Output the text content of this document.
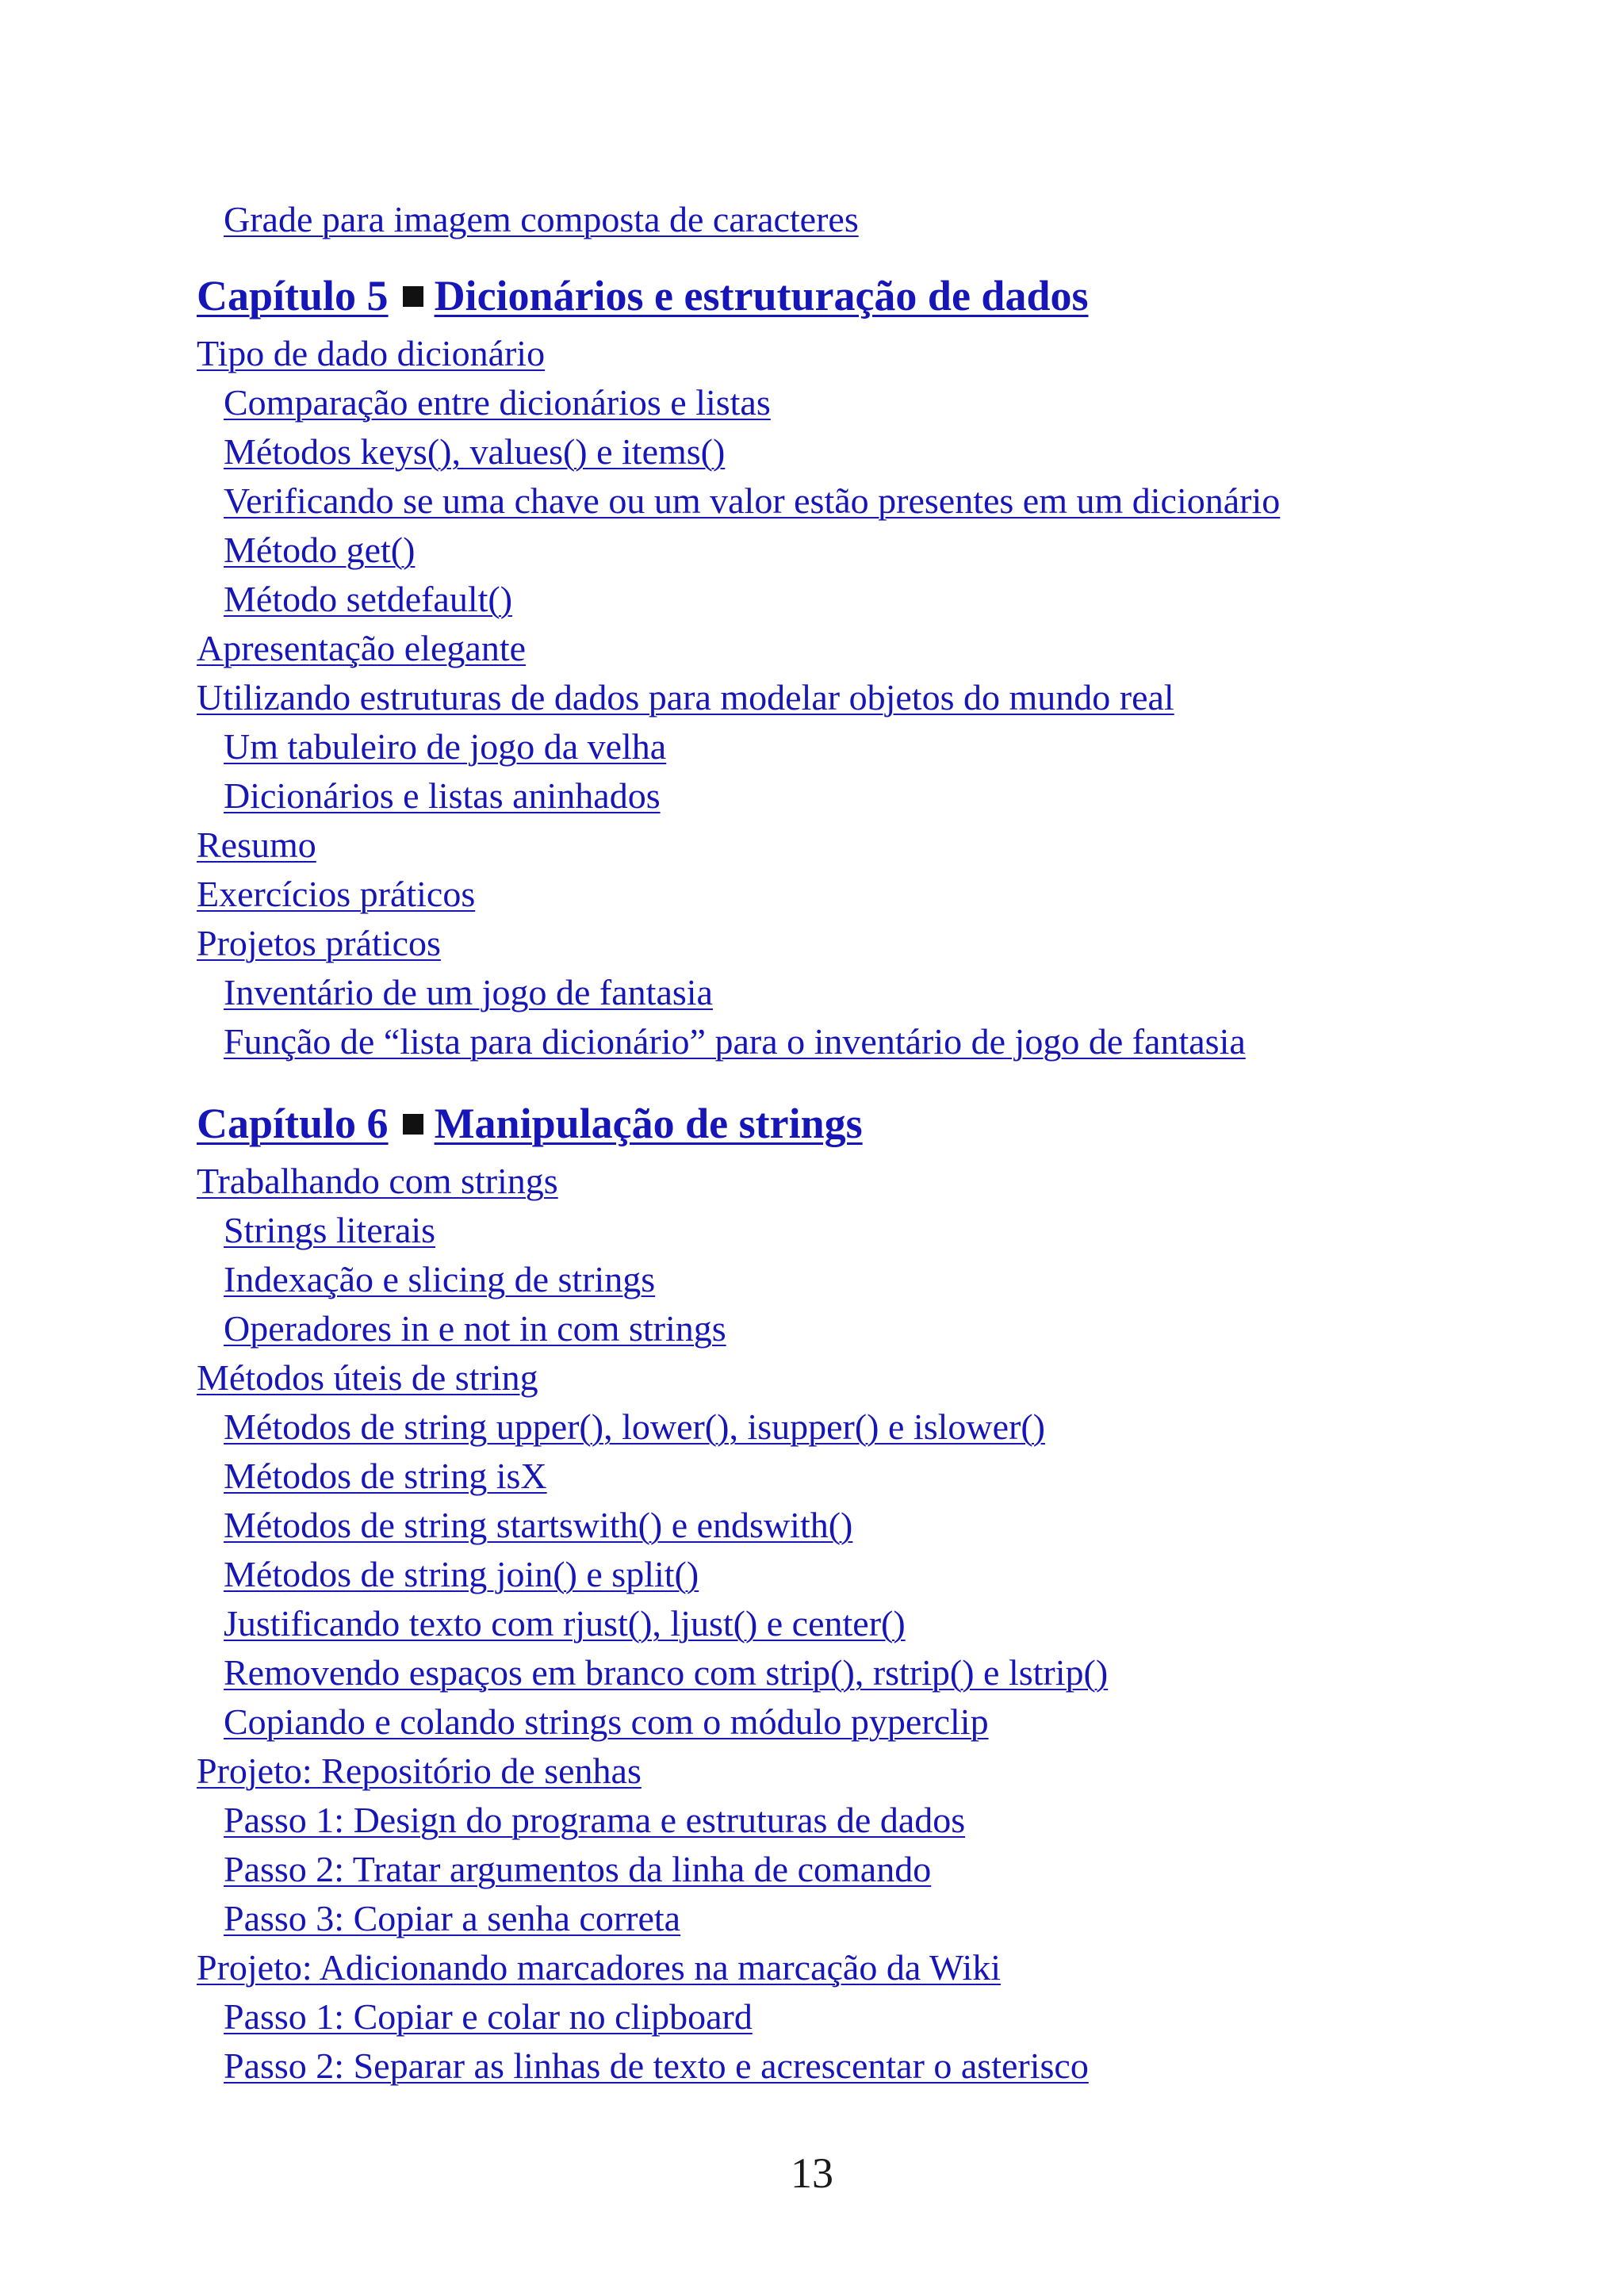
Grade para imagem composta de caracteres
Capítulo 5 Dicionários e estruturação de dados
Tipo de dado dicionário
Comparação entre dicionários e listas
Métodos keys(), values() e items()
Verificando se uma chave ou um valor estão presentes em um dicionário
Método get()
Método setdefault()
Apresentação elegante
Utilizando estruturas de dados para modelar objetos do mundo real
Um tabuleiro de jogo da velha
Dicionários e listas aninhados
Resumo
Exercícios práticos
Projetos práticos
Inventário de um jogo de fantasia
Função de “lista para dicionário” para o inventário de jogo de fantasia
Capítulo 6 Manipulação de strings
Trabalhando com strings
Strings literais
Indexação e slicing de strings
Operadores in e not in com strings
Métodos úteis de string
Métodos de string upper(), lower(), isupper() e islower()
Métodos de string isX
Métodos de string startswith() e endswith()
Métodos de string join() e split()
Justificando texto com rjust(), ljust() e center()
Removendo espaços em branco com strip(), rstrip() e lstrip()
Copiando e colando strings com o módulo pyperclip
Projeto: Repositório de senhas
Passo 1: Design do programa e estruturas de dados
Passo 2: Tratar argumentos da linha de comando
Passo 3: Copiar a senha correta
Projeto: Adicionando marcadores na marcação da Wiki
Passo 1: Copiar e colar no clipboard
Passo 2: Separar as linhas de texto e acrescentar o asterisco
13
